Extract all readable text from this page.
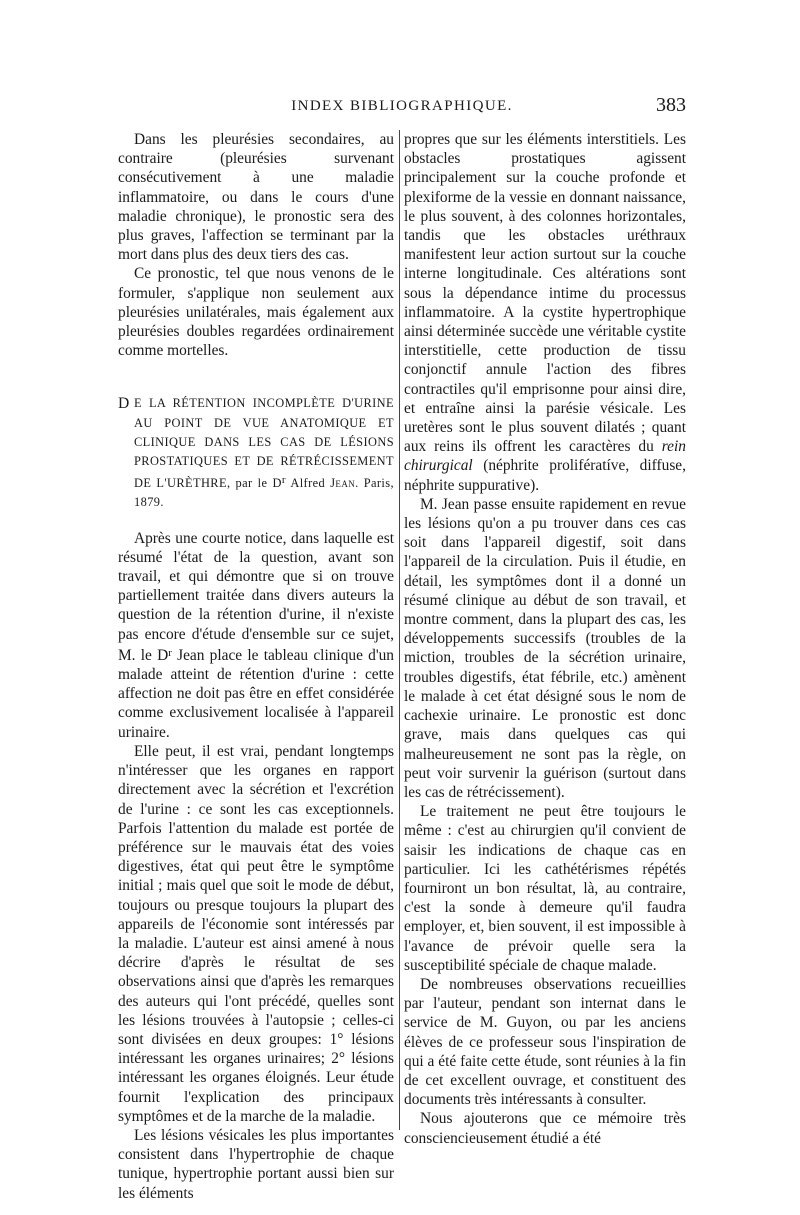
INDEX BIBLIOGRAPHIQUE.	383

Dans les pleurésies secondaires, au contraire (pleurésies survenant consécutivement à une maladie inflammatoire, ou dans le cours d'une maladie chronique), le pronostic sera des plus graves, l'affection se terminant par la mort dans plus des deux tiers des cas.

Ce pronostic, tel que nous venons de le formuler, s'applique non seulement aux pleurésies unilatérales, mais également aux pleurésies doubles regardées ordinairement comme mortelles.

D E LA RÉTENTION INCOMPLÈTE D'URINE AU POINT DE VUE ANATOMIQUE ET CLINIQUE DANS LES CAS DE LÉSIONS PROSTATIQUES ET DE RÉTRÉCISSEMENT DE L'URÈTHRE, par le Dr Alfred Jean. Paris, 1879.

Après une courte notice, dans laquelle est résumé l'état de la question, avant son travail, et qui démontre que si on trouve partiellement traitée dans divers auteurs la question de la rétention d'urine, il n'existe pas encore d'étude d'ensemble sur ce sujet, M. le $D^r$ Jean place le tableau clinique d'un malade atteint de rétention d'urine : cette affection ne doit pas être en effet considérée comme exclusivement localisée à l'appareil urinaire.

Elle peut, il est vrai, pendant longtemps n'intéresser que les organes en rapport directement avec la sécrétion et l'excrétion de l'urine : ce sont les cas exceptionnels. Parfois l'attention du malade est portée de préférence sur le mauvais état des voies digestives, état qui peut être le symptôme initial ; mais quel que soit le mode de début, toujours ou presque toujours la plupart des appareils de l'économie sont intéressés par la maladie. L'auteur est ainsi amené à nous décrire d'après le résultat de ses observations ainsi que d'après les remarques des auteurs qui l'ont précédé, quelles sont les lésions trouvées à l'autopsie ; celles-ci sont divisées en deux groupes: 1° lésions intéressant les organes urinaires; 2° lésions intéressant les organes éloignés. Leur étude fournit l'explication des principaux symptômes et de la marche de la maladie.

Les lésions vésicales les plus importantes consistent dans l'hypertrophie de chaque tunique, hypertrophie portant aussi bien sur les éléments

propres que sur les éléments interstitiels. Les obstacles prostatiques agissent principalement sur la couche profonde et plexiforme de la vessie en donnant naissance, le plus souvent, à des colonnes horizontales, tandis que les obstacles uréthraux manifestent leur action surtout sur la couche interne longitudinale. Ces altérations sont sous la dépendance intime du processus inflammatoire. A la cystite hypertrophique ainsi déterminée succède une véritable cystite interstitielle, cette production de tissu conjonctif annule l'action des fibres contractiles qu'il emprisonne pour ainsi dire, et entraîne ainsi la parésie vésicale. Les uretères sont le plus souvent dilatés ; quant aux reins ils offrent les caractères du rein chirurgical (néphrite prolifératíve, diffuse, néphrite suppurative).

M. Jean passe ensuite rapidement en revue les lésions qu'on a pu trouver dans ces cas soit dans l'appareil digestif, soit dans l'appareil de la circulation. Puis il étudie, en détail, les symptômes dont il a donné un résumé clinique au début de son travail, et montre comment, dans la plupart des cas, les développements successifs (troubles de la miction, troubles de la sécrétion urinaire, troubles digestifs, état fébrile, etc.) amènent le malade à cet état désigné sous le nom de cachexie urinaire. Le pronostic est donc grave, mais dans quelques cas qui malheureusement ne sont pas la règle, on peut voir survenir la guérison (surtout dans les cas de rétrécissement).

Le traitement ne peut être toujours le même : c'est au chirurgien qu'il convient de saisir les indications de chaque cas en particulier. Ici les cathétérismes répétés fourniront un bon résultat, là, au contraire, c'est la sonde à demeure qu'il faudra employer, et, bien souvent, il est impossible à l'avance de prévoir quelle sera la susceptibilité spéciale de chaque malade.

De nombreuses observations recueillies par l'auteur, pendant son internat dans le service de M. Guyon, ou par les anciens élèves de ce professeur sous l'inspiration de qui a été faite cette étude, sont réunies à la fin de cet excellent ouvrage, et constituent des documents très intéressants à consulter.

Nous ajouterons que ce mémoire très consciencieusement étudié a été
